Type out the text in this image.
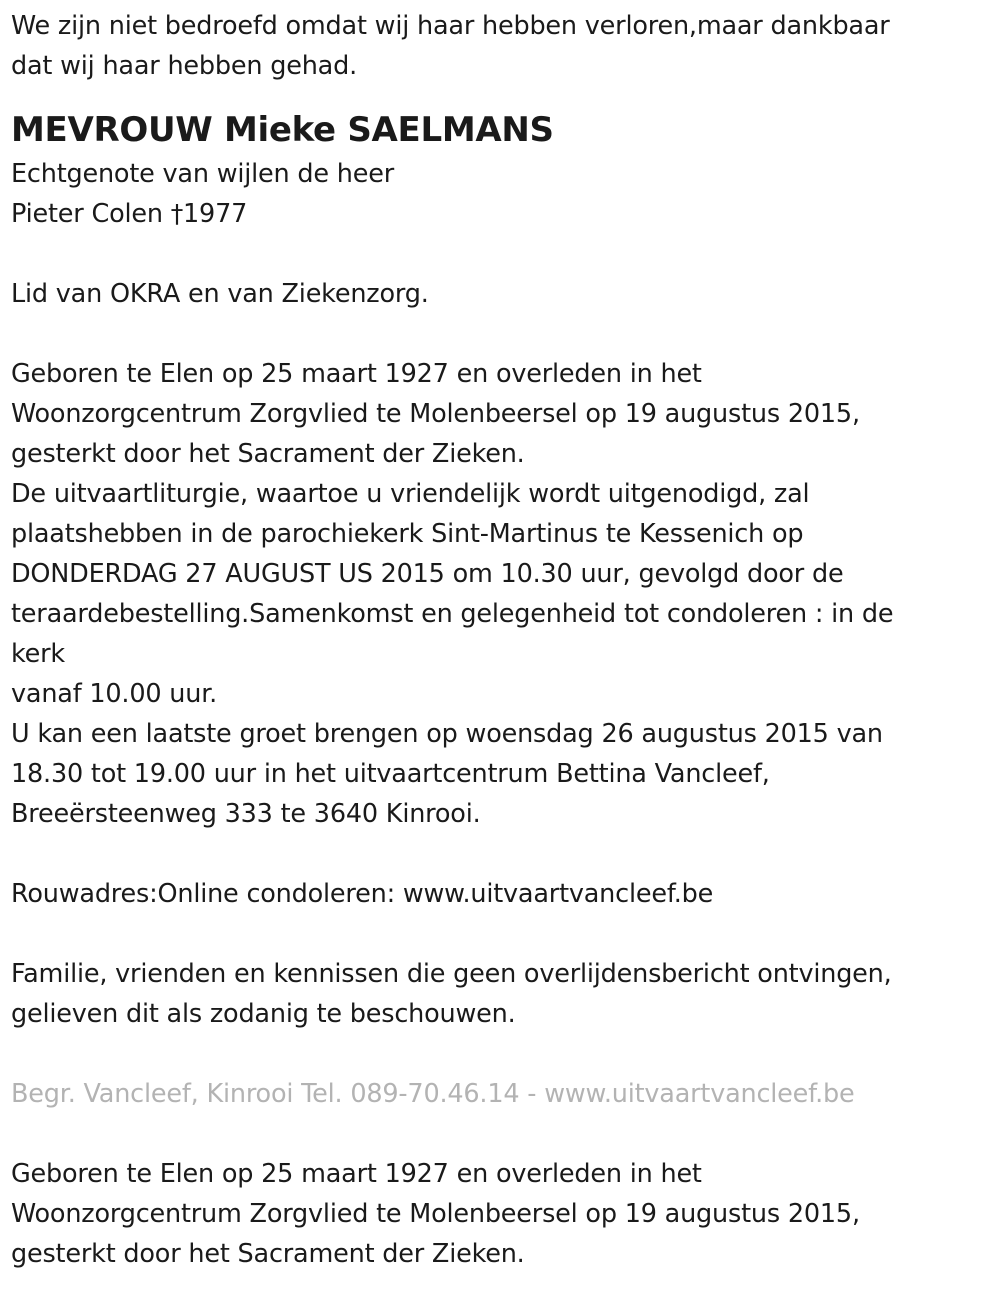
We zijn niet bedroefd omdat wij haar hebben verloren,maar dankbaar
dat wij haar hebben gehad.
MEVROUW Mieke SAELMANS
Echtgenote van wijlen de heer
Pieter Colen †1977
Lid van OKRA en van Ziekenzorg.
Geboren te Elen op 25 maart 1927 en overleden in het
Woonzorgcentrum Zorgvlied te Molenbeersel op 19 augustus 2015,
gesterkt door het Sacrament der Zieken.
De uitvaartliturgie, waartoe u vriendelijk wordt uitgenodigd, zal
plaatshebben in de parochiekerk Sint-Martinus te Kessenich op
DONDERDAG 27 AUGUST US 2015 om 10.30 uur, gevolgd door de
teraardebestelling.Samenkomst en gelegenheid tot condoleren : in de
kerk
vanaf 10.00 uur.
U kan een laatste groet brengen op woensdag 26 augustus 2015 van
18.30 tot 19.00 uur in het uitvaartcentrum Bettina Vancleef,
Breeërsteenweg 333 te 3640 Kinrooi.
Rouwadres:Online condoleren: www.uitvaartvancleef.be
Familie, vrienden en kennissen die geen overlijdensbericht ontvingen,
gelieven dit als zodanig te beschouwen.
Begr. Vancleef, Kinrooi Tel. 089-70.46.14 - www.uitvaartvancleef.be
Geboren te Elen op 25 maart 1927 en overleden in het
Woonzorgcentrum Zorgvlied te Molenbeersel op 19 augustus 2015,
gesterkt door het Sacrament der Zieken.
